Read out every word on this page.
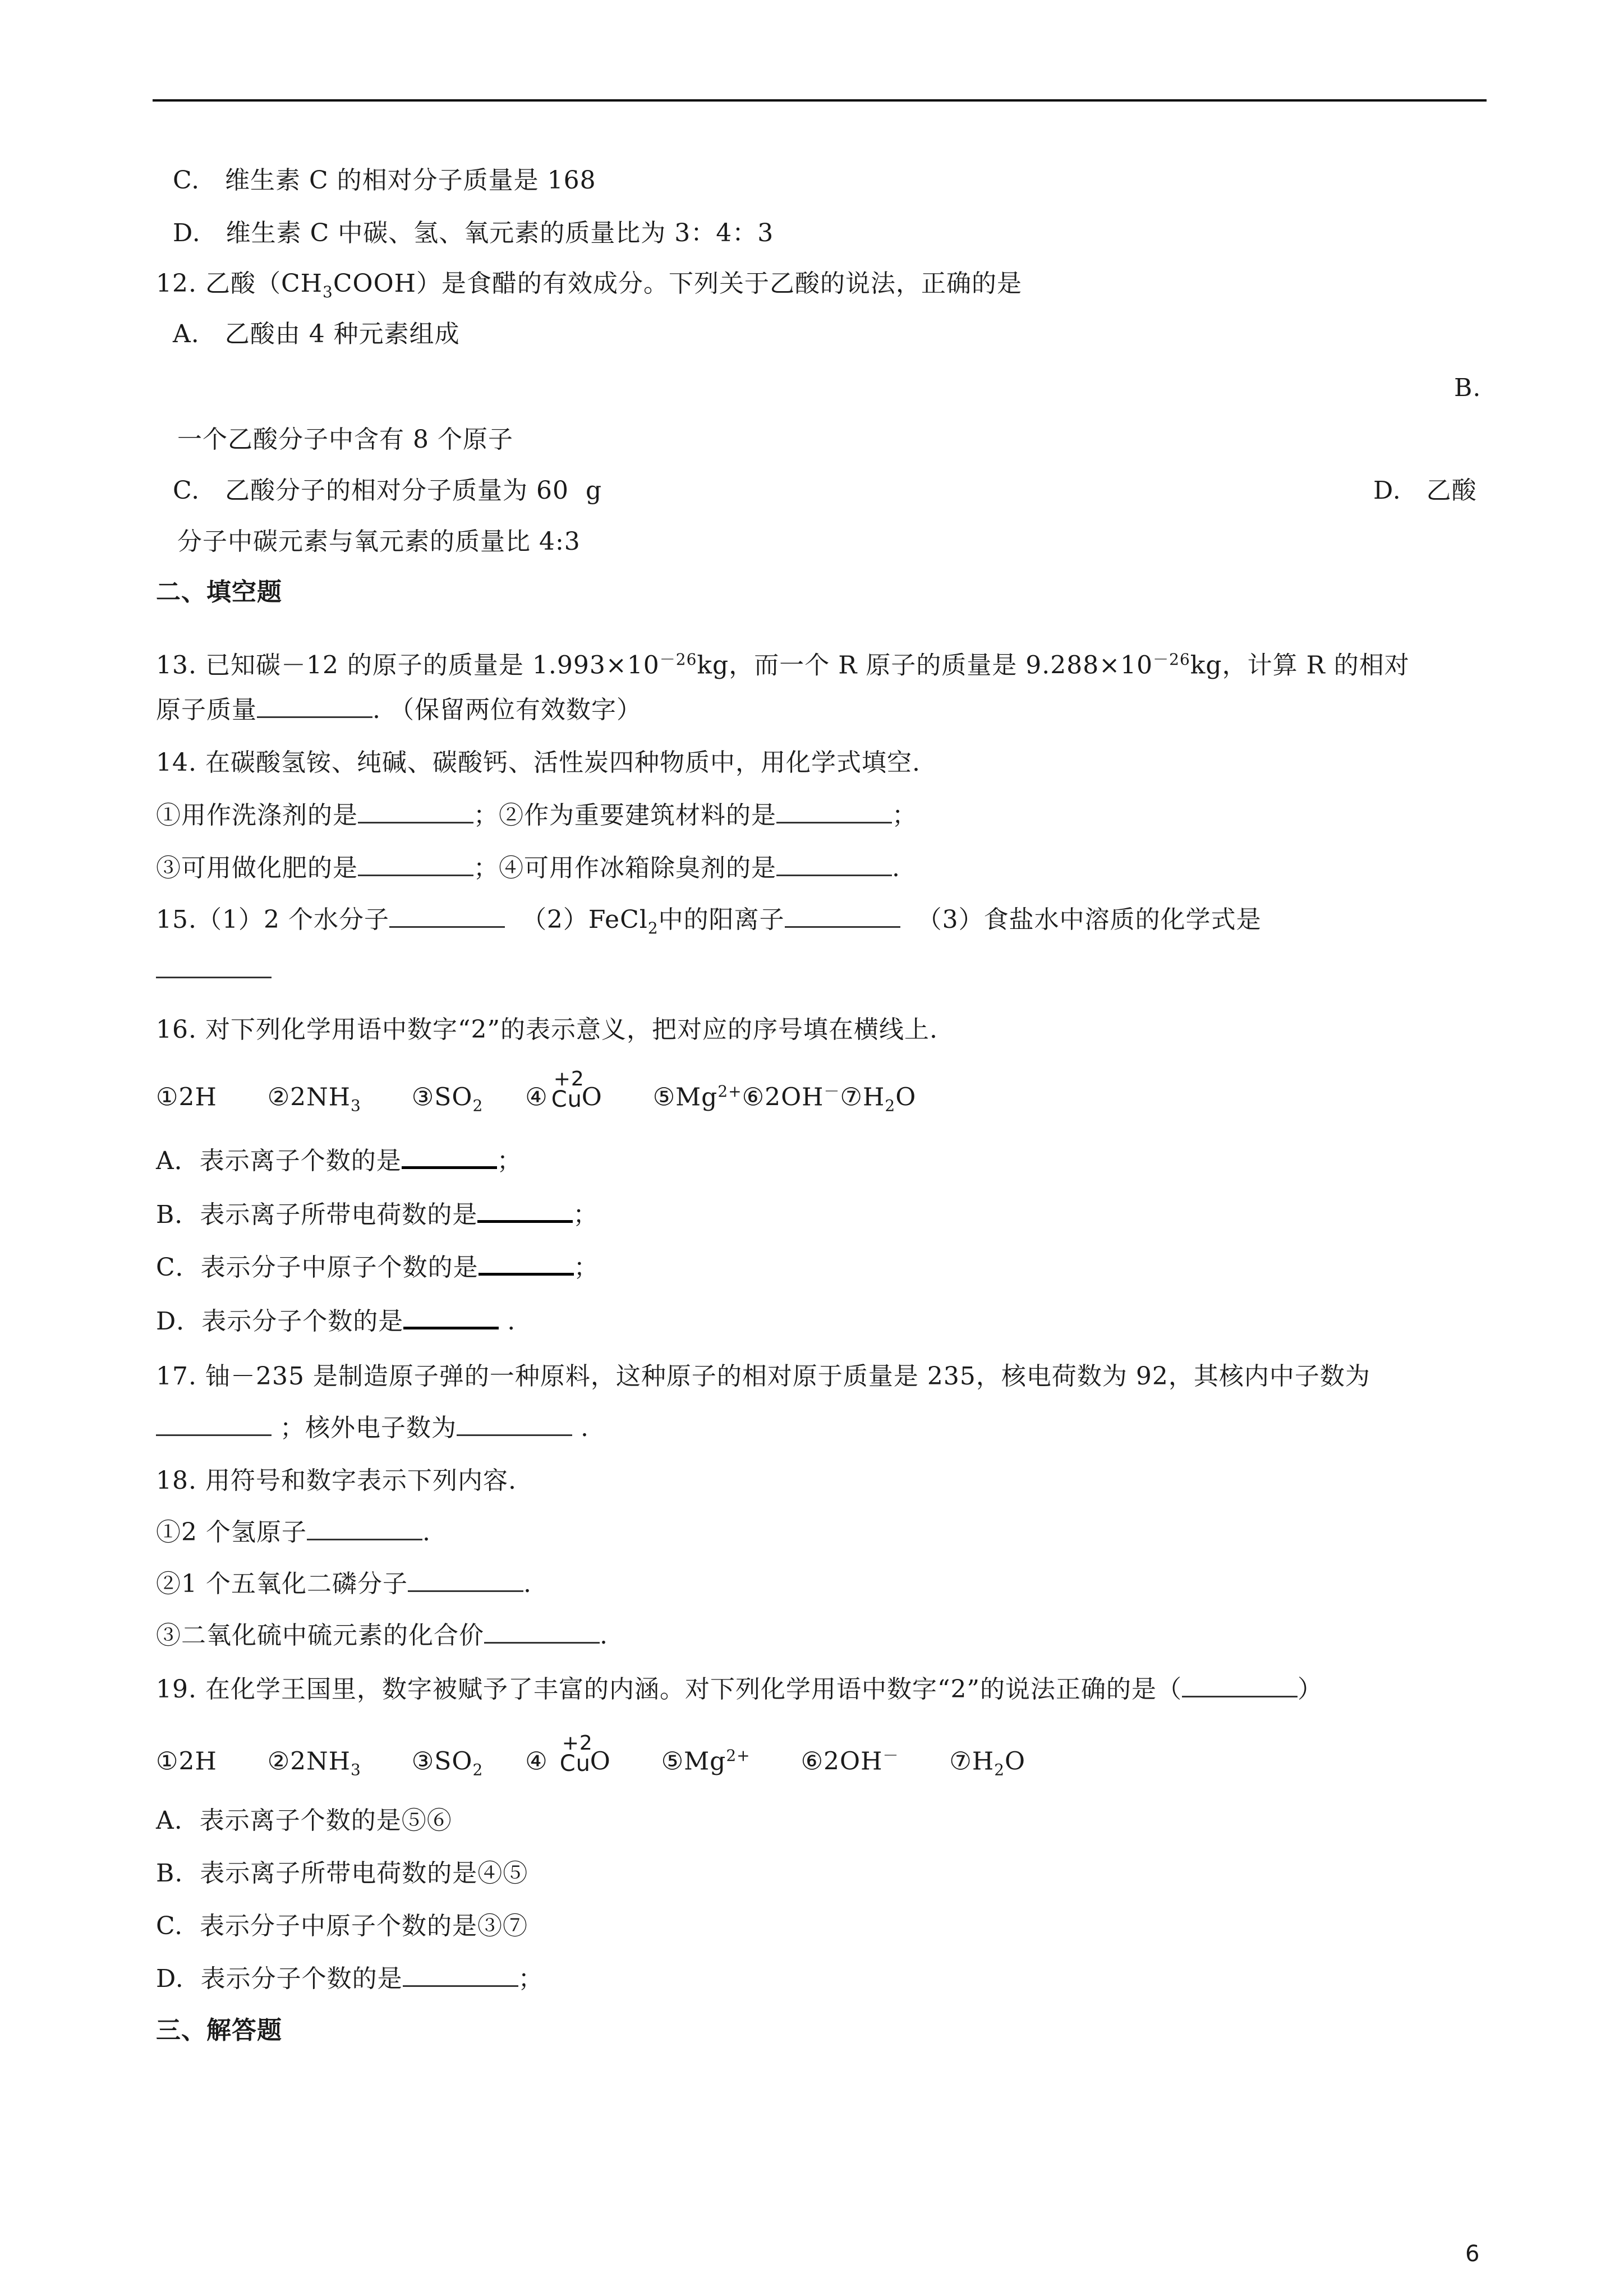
C.   维生素 C 的相对分子质量是 168
D.   维生素 C 中碳、氢、氧元素的质量比为 3：4：3
12. 乙酸$(CH_3COOH)$是食醋的有效成分。下列关于乙酸的说法，正确的是
A.   乙酸由 4 种元素组成
B.
一个乙酸分子中含有 8 个原子
C.   乙酸分子的相对分子质量为 60  g	D.   乙酸
分子中碳元素与氧元素的质量比 4:3
二、填空题
13. 已知碳－12 的原子的质量是 $1.993\times 10^{-26}kg$，而一个 R 原子的质量是 $9.288\times 10^{-26}kg$，计算 R 的相对
原子质量	. （保留两位有效数字）
14. 在碳酸氢铵、纯碱、碳酸钙、活性炭四种物质中，用化学式填空.
①用作洗涤剂的是	；②作为重要建筑材料的是	；
③可用做化肥的是	；④可用作冰箱除臭剂的是	.
15.（1）2 个水分子	（2）FeCl$_2$中的阳离子	（3）食盐水中溶质的化学式是
16. 对下列化学用语中数字“2”的表示意义，把对应的序号填在横线上.
①2H $②2NH_3$ $③SO_2$ ④
+2
Cu
O $⑤Mg^{2+}⑥2OH^-⑦H_2O$
A．表示离子个数的是	；
B．表示离子所带电荷数的是	；
C．表示分子中原子个数的是	；
D．表示分子个数的是	.
17. 铀－235 是制造原子弹的一种原料，这种原子的相对原于质量是 235，核电荷数为 92，其核内中子数为
；核外电子数为	.
18. 用符号和数字表示下列内容.
①2 个氢原子	.
②1 个五氧化二磷分子	.
③二氧化硫中硫元素的化合价	.
19. 在化学王国里，数字被赋予了丰富的内涵。对下列化学用语中数字“2”的说法正确的是（	）
①2H $②2NH_3$ $③SO_2$ ④
+2
Cu
O $⑤Mg^{2+}$ ⑥2OH－ $⑦H_2O$
A.  表示离子个数的是⑤⑥
B.  表示离子所带电荷数的是④⑤
C.  表示分子中原子个数的是③⑦
D.  表示分子个数的是	；
三、解答题
6
